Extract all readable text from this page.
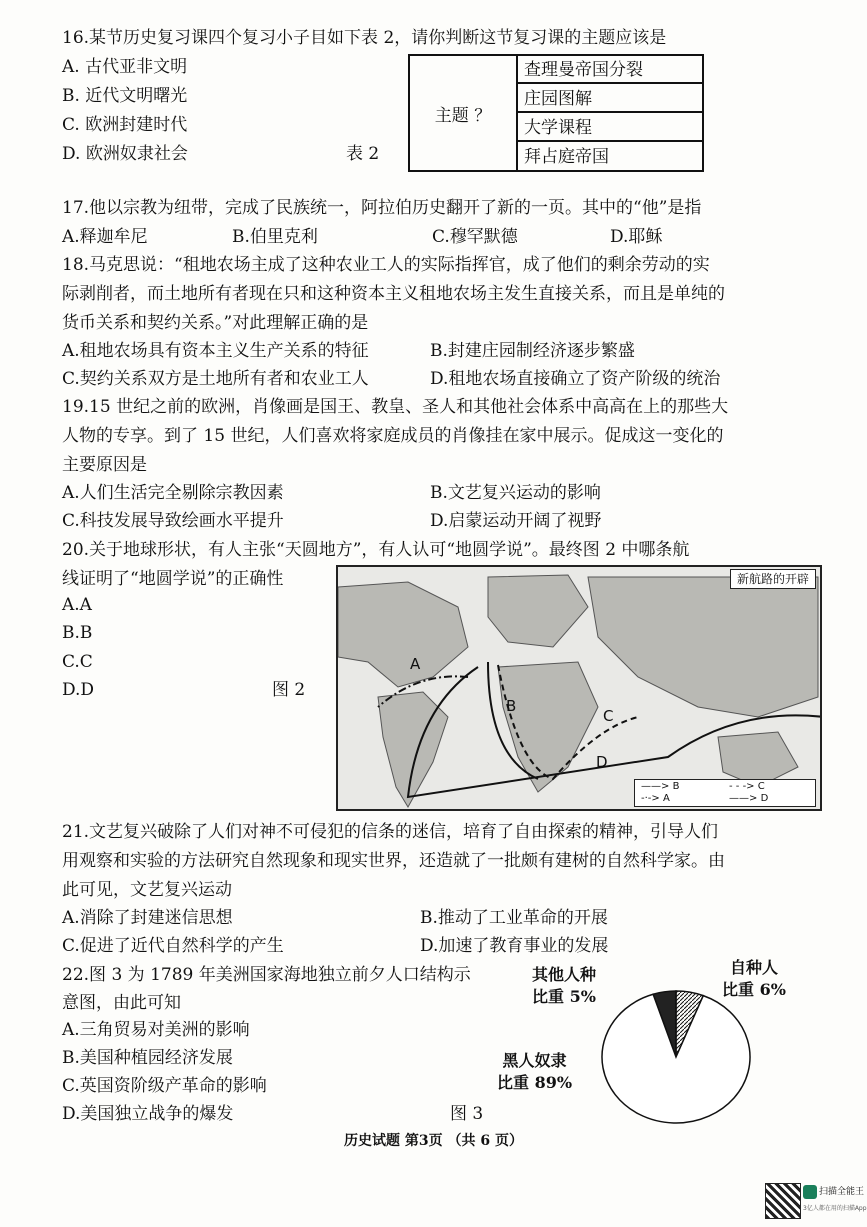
16.某节历史复习课四个复习小子目如下表 2，请你判断这节复习课的主题应该是
A. 古代亚非文明
B. 近代文明曙光
C. 欧洲封建时代
D. 欧洲奴隶社会	表 2
主题 ？
查理曼帝国分裂
庄园图解
大学课程
拜占庭帝国
17.他以宗教为纽带，完成了民族统一，阿拉伯历史翻开了新的一页。其中的“他”是指
A.释迦牟尼	B.伯里克利	C.穆罕默德	D.耶稣
18.马克思说：“租地农场主成了这种农业工人的实际指挥官，成了他们的剩余劳动的实
际剥削者，而土地所有者现在只和这种资本主义租地农场主发生直接关系，而且是单纯的
货币关系和契约关系。”对此理解正确的是
A.租地农场具有资本主义生产关系的特征	B.封建庄园制经济逐步繁盛
C.契约关系双方是土地所有者和农业工人	D.租地农场直接确立了资产阶级的统治
19.15 世纪之前的欧洲，肖像画是国王、教皇、圣人和其他社会体系中高高在上的那些大
人物的专享。到了 15 世纪，人们喜欢将家庭成员的肖像挂在家中展示。促成这一变化的
主要原因是
A.人们生活完全剔除宗教因素	B.文艺复兴运动的影响
C.科技发展导致绘画水平提升	D.启蒙运动开阔了视野
20.关于地球形状，有人主张“天圆地方”，有人认可“地圆学说”。最终图 2 中哪条航
线证明了“地圆学说”的正确性
A.A
B.B
C.C
D.D	图 2
新航路的开辟
A
B
C
D
——> B
-·-> A
- - -> C
——> D
21.文艺复兴破除了人们对神不可侵犯的信条的迷信，培育了自由探索的精神，引导人们
用观察和实验的方法研究自然现象和现实世界，还造就了一批颇有建树的自然科学家。由
此可见，文艺复兴运动
A.消除了封建迷信思想	B.推动了工业革命的开展
C.促进了近代自然科学的产生	D.加速了教育事业的发展
22.图 3 为 1789 年美洲国家海地独立前夕人口结构示
意图，由此可知
A.三角贸易对美洲的影响
B.美国种植园经济发展
C.英国资阶级产革命的影响
D.美国独立战争的爆发	图 3
其他人种
比重 5%
自种人
比重 6%
黑人奴隶
比重 89%
历史试题 第3页 （共 6 页）
扫描全能王
3亿人都在用的扫描App
